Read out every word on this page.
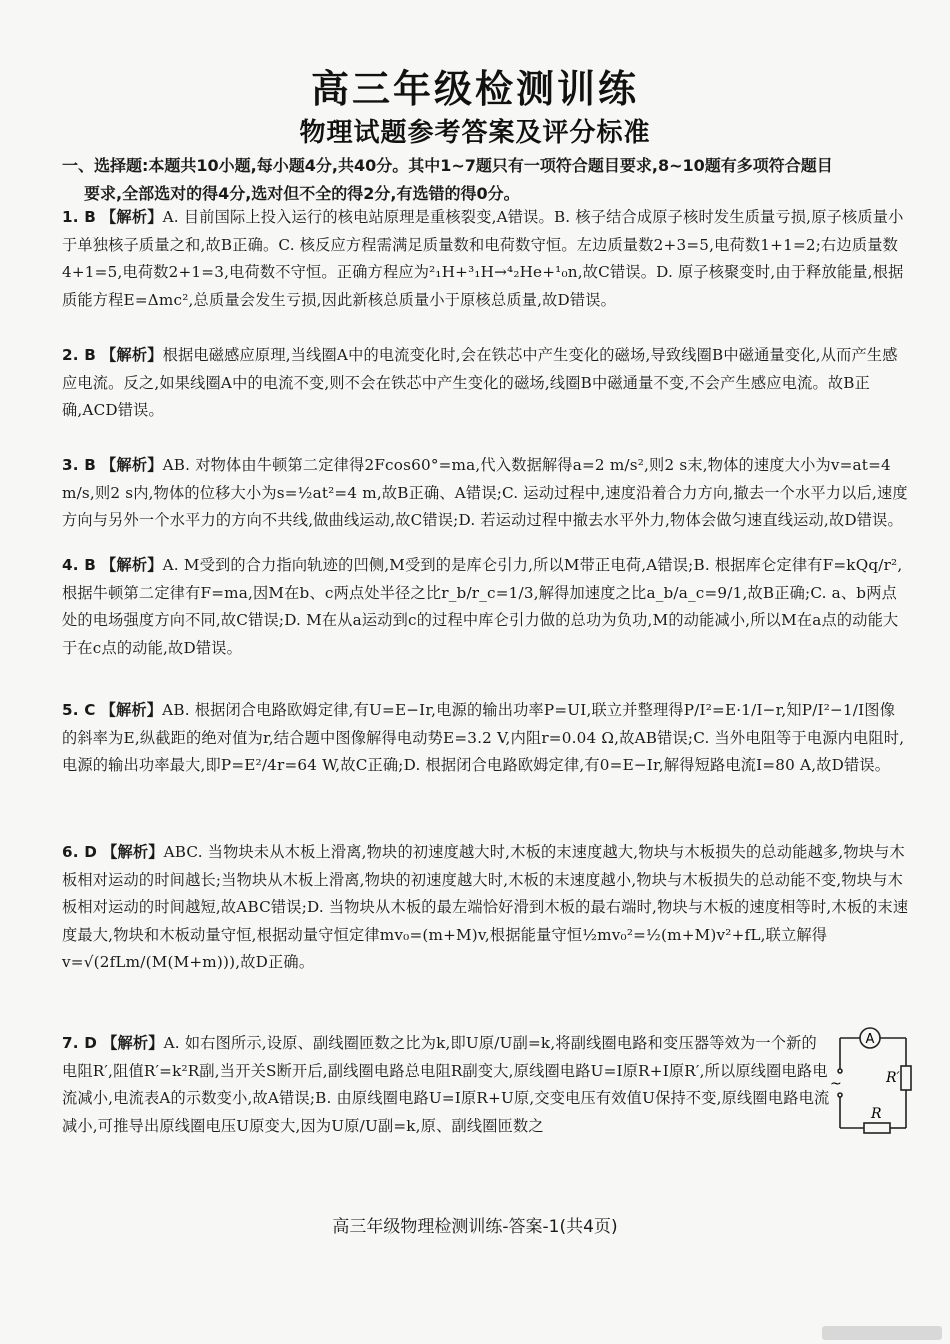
高三年级检测训练
物理试题参考答案及评分标准
一、选择题:本题共10小题,每小题4分,共40分。其中1~7题只有一项符合题目要求,8~10题有多项符合题目
要求,全部选对的得4分,选对但不全的得2分,有选错的得0分。
1. B 【解析】A. 目前国际上投入运行的核电站原理是重核裂变,A错误。B. 核子结合成原子核时发生质量亏损,原子核质量小于单独核子质量之和,故B正确。C. 核反应方程需满足质量数和电荷数守恒。左边质量数2+3=5,电荷数1+1=2;右边质量数4+1=5,电荷数2+1=3,电荷数不守恒。正确方程应为²₁H+³₁H→⁴₂He+¹₀n,故C错误。D. 原子核聚变时,由于释放能量,根据质能方程E=Δmc²,总质量会发生亏损,因此新核总质量小于原核总质量,故D错误。
2. B 【解析】根据电磁感应原理,当线圈A中的电流变化时,会在铁芯中产生变化的磁场,导致线圈B中磁通量变化,从而产生感应电流。反之,如果线圈A中的电流不变,则不会在铁芯中产生变化的磁场,线圈B中磁通量不变,不会产生感应电流。故B正确,ACD错误。
3. B 【解析】AB. 对物体由牛顿第二定律得2Fcos60°=ma,代入数据解得a=2 m/s²,则2 s末,物体的速度大小为v=at=4 m/s,则2 s内,物体的位移大小为s=½at²=4 m,故B正确、A错误;C. 运动过程中,速度沿着合力方向,撤去一个水平力以后,速度方向与另外一个水平力的方向不共线,做曲线运动,故C错误;D. 若运动过程中撤去水平外力,物体会做匀速直线运动,故D错误。
4. B 【解析】A. M受到的合力指向轨迹的凹侧,M受到的是库仑引力,所以M带正电荷,A错误;B. 根据库仑定律有F=kQq/r²,根据牛顿第二定律有F=ma,因M在b、c两点处半径之比r_b/r_c=1/3,解得加速度之比a_b/a_c=9/1,故B正确;C. a、b两点处的电场强度方向不同,故C错误;D. M在从a运动到c的过程中库仑引力做的总功为负功,M的动能减小,所以M在a点的动能大于在c点的动能,故D错误。
5. C 【解析】AB. 根据闭合电路欧姆定律,有U=E−Ir,电源的输出功率P=UI,联立并整理得P/I²=E·1/I−r,知P/I²−1/I图像的斜率为E,纵截距的绝对值为r,结合题中图像解得电动势E=3.2 V,内阻r=0.04 Ω,故AB错误;C. 当外电阻等于电源内电阻时,电源的输出功率最大,即P=E²/4r=64 W,故C正确;D. 根据闭合电路欧姆定律,有0=E−Ir,解得短路电流I=80 A,故D错误。
6. D 【解析】ABC. 当物块未从木板上滑离,物块的初速度越大时,木板的末速度越大,物块与木板损失的总动能越多,物块与木板相对运动的时间越长;当物块从木板上滑离,物块的初速度越大时,木板的末速度越小,物块与木板损失的总动能不变,物块与木板相对运动的时间越短,故ABC错误;D. 当物块从木板的最左端恰好滑到木板的最右端时,物块与木板的速度相等时,木板的末速度最大,物块和木板动量守恒,根据动量守恒定律mv₀=(m+M)v,根据能量守恒½mv₀²=½(m+M)v²+fL,联立解得v=√(2fLm/(M(M+m))),故D正确。
7. D 【解析】A. 如右图所示,设原、副线圈匝数之比为k,即U原/U副=k,将副线圈电路和变压器等效为一个新的电阻R′,阻值R′=k²R副,当开关S断开后,副线圈电路总电阻R副变大,原线圈电路U=I原R+I原R′,所以原线圈电路电流减小,电流表A的示数变小,故A错误;B. 由原线圈电路U=I原R+U原,交变电压有效值U保持不变,原线圈电路电流减小,可推导出原线圈电压U原变大,因为U原/U副=k,原、副线圈匝数之
A
R′
R
~
高三年级物理检测训练-答案-1(共4页)
